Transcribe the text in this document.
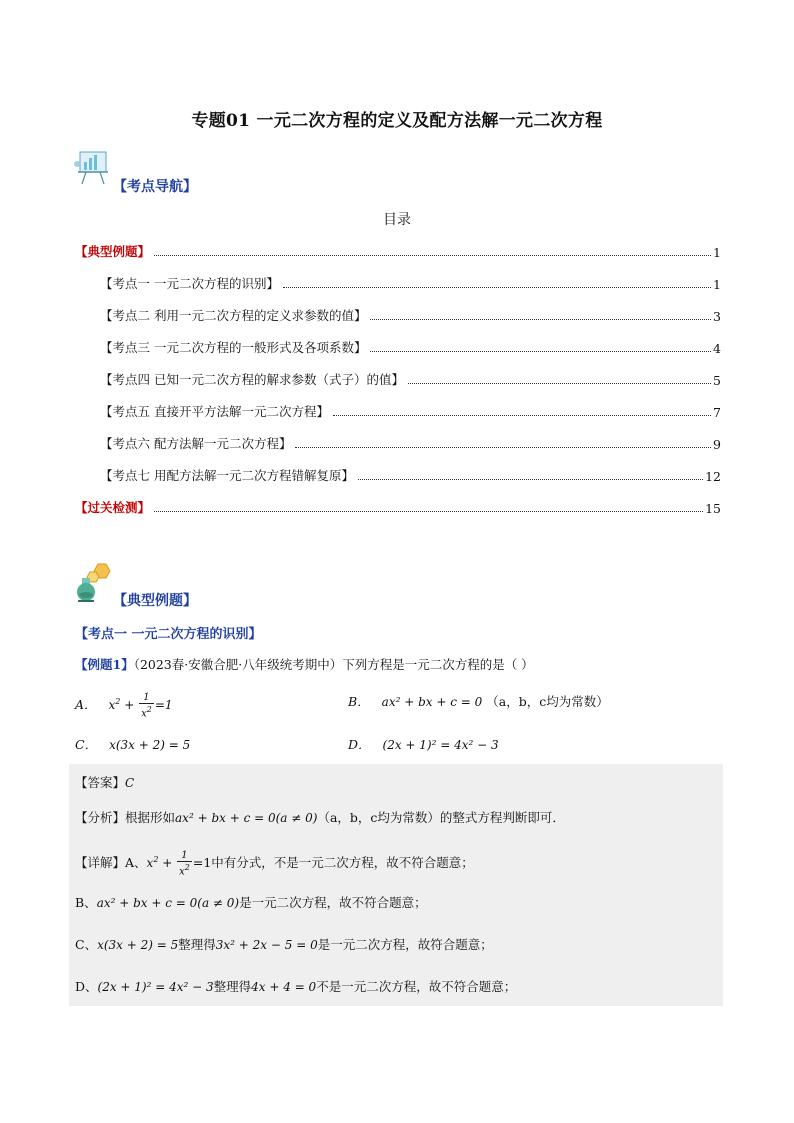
专题01 一元二次方程的定义及配方法解一元二次方程
【考点导航】
目录
【典型例题】	1
【考点一 一元二次方程的识别】	1
【考点二 利用一元二次方程的定义求参数的值】	3
【考点三 一元二次方程的一般形式及各项系数】	4
【考点四 已知一元二次方程的解求参数（式子）的值】	5
【考点五 直接开平方法解一元二次方程】	7
【考点六 配方法解一元二次方程】	9
【考点七 用配方法解一元二次方程错解复原】	12
【过关检测】	15
【典型例题】
【考点一 一元二次方程的识别】
【例题1】（2023春·安徽合肥·八年级统考期中）下列方程是一元二次方程的是（ ）
A． $x^2 + \frac{1}{x^2} =1$	B． ax² + bx + c = 0 （a，b，c均为常数）
C． x(3x + 2) = 5	D． (2x + 1)² = 4x² − 3
【答案】C
【分析】根据形如ax² + bx + c = 0(a ≠ 0)（a，b，c均为常数）的整式方程判断即可．
【详解】A、$x^2 + \frac{1}{x^2} =1$中有分式，不是一元二次方程，故不符合题意；
B、ax² + bx + c = 0(a ≠ 0)是一元二次方程，故不符合题意；
C、x(3x + 2) = 5整理得3x² + 2x − 5 = 0是一元二次方程，故符合题意；
D、(2x + 1)² = 4x² − 3整理得4x + 4 = 0不是一元二次方程，故不符合题意；
